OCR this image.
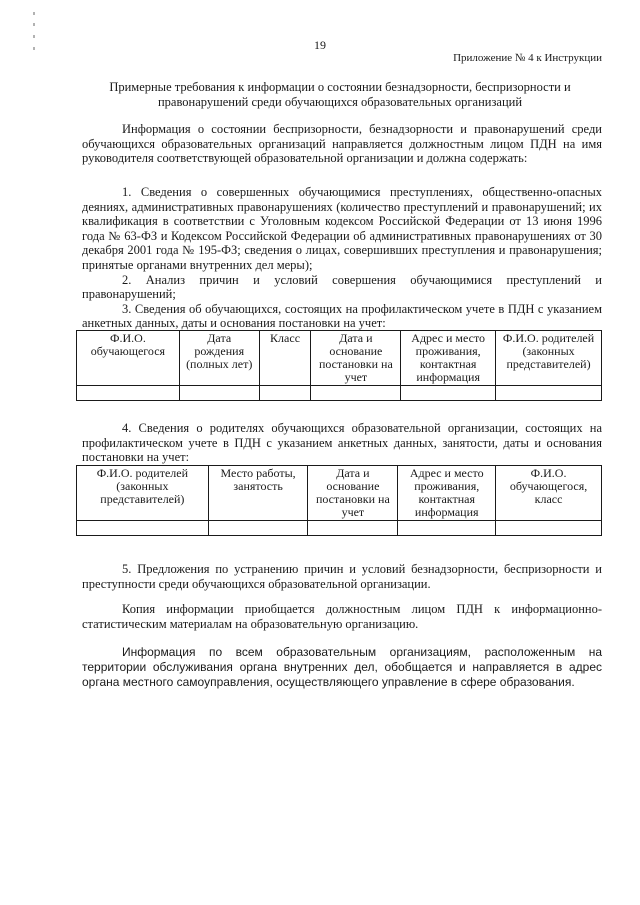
19
Приложение № 4 к Инструкции
Примерные требования к информации о состоянии безнадзорности, беспризорности и правонарушений среди обучающихся образовательных организаций
Информация о состоянии беспризорности, безнадзорности и правонарушений среди обучающихся образовательных организаций направляется должностным лицом ПДН на имя руководителя соответствующей образовательной организации и должна содержать:

1. Сведения о совершенных обучающимися преступлениях, общественно-опасных деяниях, административных правонарушениях (количество преступлений и правонарушений; их квалификация в соответствии с Уголовным кодексом Российской Федерации от 13 июня 1996 года № 63-ФЗ и Кодексом Российской Федерации об административных правонарушениях от 30 декабря 2001 года № 195-ФЗ; сведения о лицах, совершивших преступления и правонарушения; принятые органами внутренних дел меры);

2. Анализ причин и условий совершения обучающимися преступлений и правонарушений;

3. Сведения об обучающихся, состоящих на профилактическом учете в ПДН с указанием анкетных данных, даты и основания постановки на учет:

Ф.И.О. обучающегося	Дата рождения (полных лет)	Класс	Дата и основание постановки на учет	Адрес и место проживания, контактная информация	Ф.И.О. родителей (законных представителей)

4. Сведения о родителях обучающихся образовательной организации, состоящих на профилактическом учете в ПДН с указанием анкетных данных, занятости, даты и основания постановки на учет:

Ф.И.О. родителей (законных представителей)	Место работы, занятость	Дата и основание постановки на учет	Адрес и место проживания, контактная информация	Ф.И.О. обучающегося, класс

5. Предложения по устранению причин и условий безнадзорности, беспризорности и преступности среди обучающихся образовательной организации.
Копия информации приобщается должностным лицом ПДН к информационно-статистическим материалам на образовательную организацию.
Информация по всем образовательным организациям, расположенным на территории обслуживания органа внутренних дел, обобщается и направляется в адрес органа местного самоуправления, осуществляющего управление в сфере образования.
